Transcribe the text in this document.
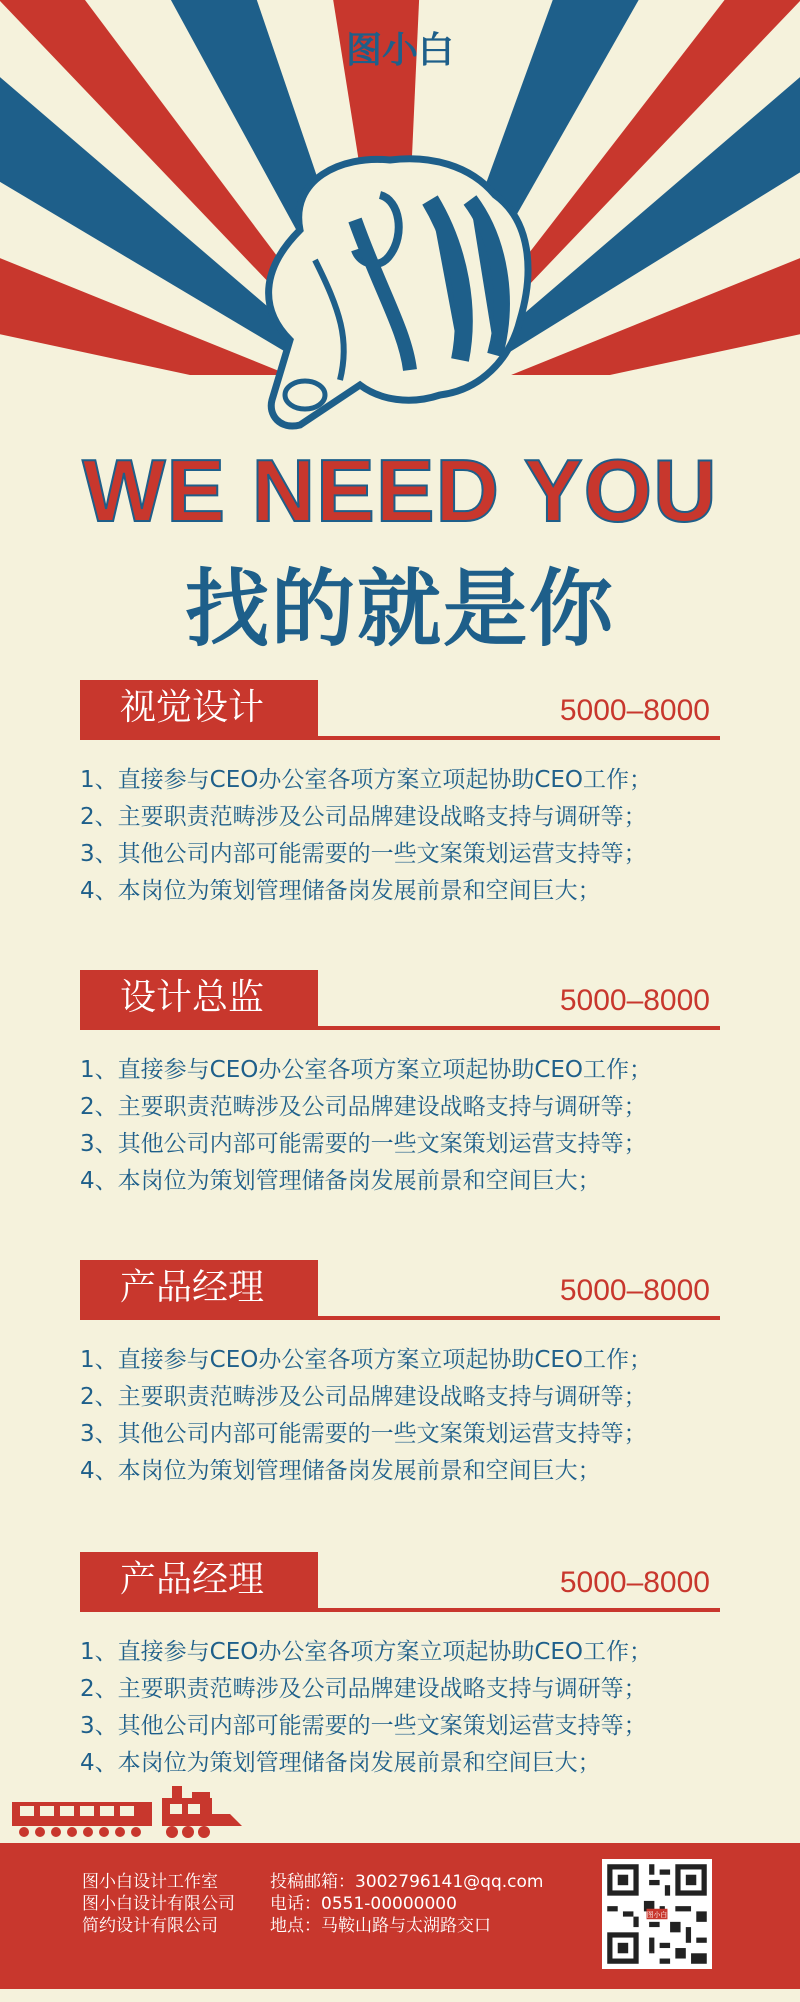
图小白
WE NEED YOU
找的就是你
视觉设计	5000–8000
1、直接参与CEO办公室各项方案立项起协助CEO工作；
2、主要职责范畴涉及公司品牌建设战略支持与调研等；
3、其他公司内部可能需要的一些文案策划运营支持等；
4、本岗位为策划管理储备岗发展前景和空间巨大；
设计总监	5000–8000
1、直接参与CEO办公室各项方案立项起协助CEO工作；
2、主要职责范畴涉及公司品牌建设战略支持与调研等；
3、其他公司内部可能需要的一些文案策划运营支持等；
4、本岗位为策划管理储备岗发展前景和空间巨大；
产品经理	5000–8000
1、直接参与CEO办公室各项方案立项起协助CEO工作；
2、主要职责范畴涉及公司品牌建设战略支持与调研等；
3、其他公司内部可能需要的一些文案策划运营支持等；
4、本岗位为策划管理储备岗发展前景和空间巨大；
产品经理	5000–8000
1、直接参与CEO办公室各项方案立项起协助CEO工作；
2、主要职责范畴涉及公司品牌建设战略支持与调研等；
3、其他公司内部可能需要的一些文案策划运营支持等；
4、本岗位为策划管理储备岗发展前景和空间巨大；
图小白设计工作室
图小白设计有限公司
简约设计有限公司
投稿邮箱：3002796141@qq.com
电话：0551-00000000
地点：马鞍山路与太湖路交口
图小白
